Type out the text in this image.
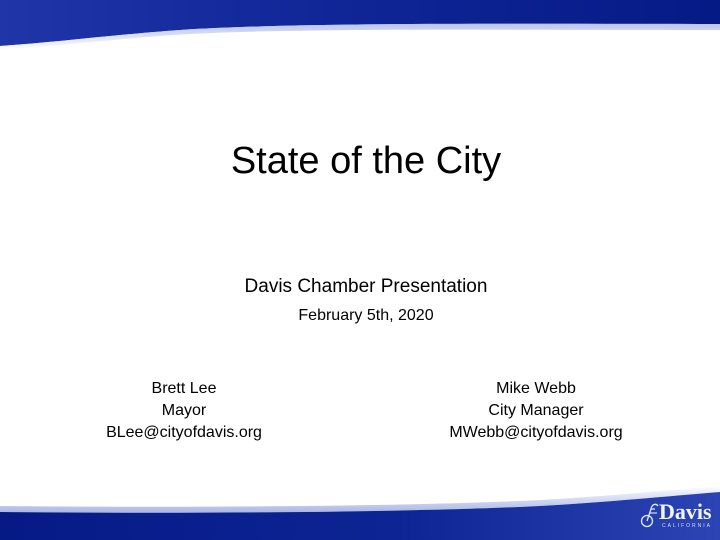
State of the City
Davis Chamber Presentation
February 5th, 2020
Brett Lee
Mayor
BLee@cityofdavis.org
Mike Webb
City Manager
MWebb@cityofdavis.org
Davis
CALIFORNIA
